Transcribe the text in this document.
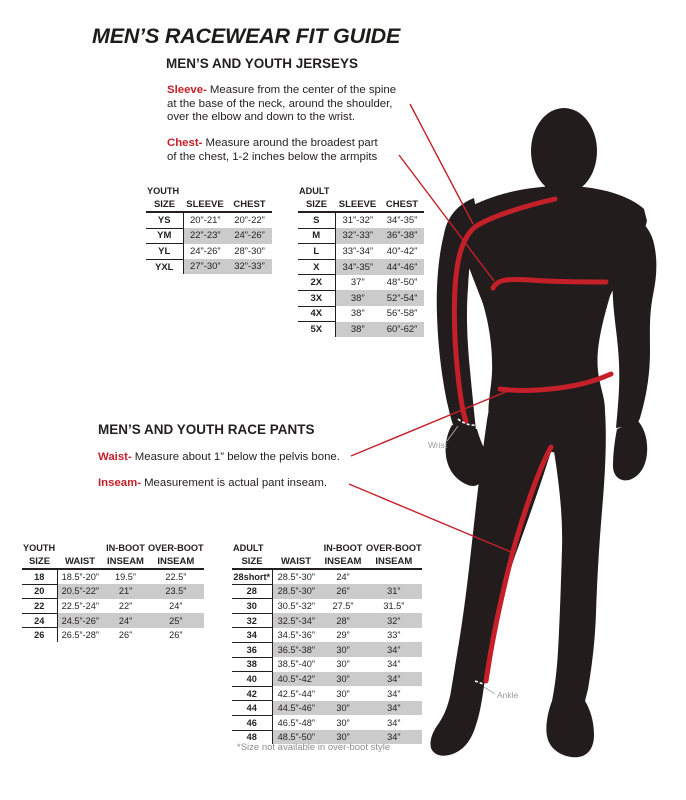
MEN’S RACEWEAR FIT GUIDE
MEN’S AND YOUTH JERSEYS
Sleeve- Measure from the center of the spine
at the base of the neck, around the shoulder,
over the elbow and down to the wrist.
Chest- Measure around the broadest part
of the chest, 1-2 inches below the armpits
YOUTH		
SIZE	SLEEVE	CHEST
YS	20”-21”	20”-22”
YM	22”-23”	24”-26”
YL	24”-26”	28”-30”
YXL	27”-30”	32”-33”
ADULT		
SIZE	SLEEVE	CHEST
S	31”-32”	34”-35”
M	32”-33”	36”-38”
L	33”-34”	40”-42”
X	34”-35”	44”-46”
2X	37”	48”-50”
3X	38”	52”-54”
4X	38”	56”-58”
5X	38”	60”-62”
MEN’S AND YOUTH RACE PANTS
Waist- Measure about 1” below the pelvis bone.
Inseam- Measurement is actual pant inseam.
YOUTH		IN-BOOT	OVER-BOOT
SIZE	WAIST	INSEAM	INSEAM
18	18.5”-20”	19.5”	22.5”
20	20.5”-22”	21”	23.5”
22	22.5”-24”	22”	24”
24	24.5”-26”	24”	25”
26	26.5”-28”	26”	26”
ADULT		IN-BOOT	OVER-BOOT
SIZE	WAIST	INSEAM	INSEAM
28short*	28.5”-30”	24”	
28	28.5”-30”	26”	31”
30	30.5”-32”	27.5”	31.5”
32	32.5”-34”	28”	32”
34	34.5”-36”	29”	33”
36	36.5”-38”	30”	34”
38	38.5”-40”	30”	34”
40	40.5”-42”	30”	34”
42	42.5”-44”	30”	34”
44	44.5”-46”	30”	34”
46	46.5”-48”	30”	34”
48	48.5”-50”	30”	34”
*Size not available in over-boot style
Wrist
Ankle
